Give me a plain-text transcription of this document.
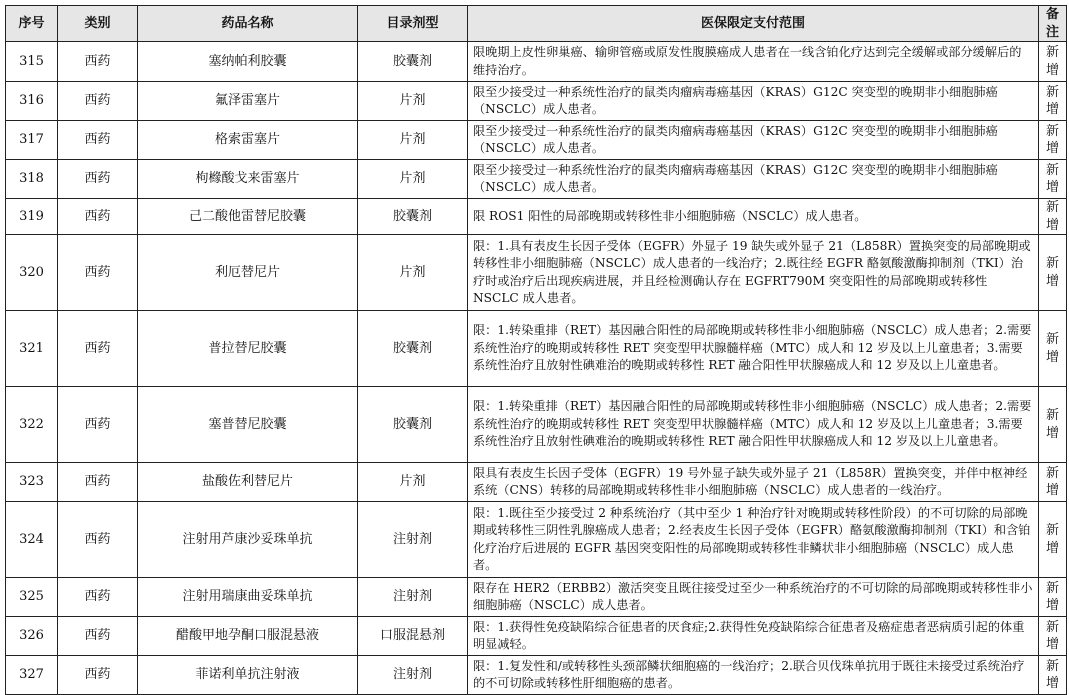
序号	类别	药品名称	目录剂型	医保限定支付范围	备注
315	西药	塞纳帕利胶囊	胶囊剂	限晚期上皮性卵巢癌、输卵管癌或原发性腹膜癌成人患者在一线含铂化疗达到完全缓解或部分缓解后的维持治疗。	新增
316	西药	氟泽雷塞片	片剂	限至少接受过一种系统性治疗的鼠类肉瘤病毒癌基因（KRAS）G12C 突变型的晚期非小细胞肺癌（NSCLC）成人患者。	新增
317	西药	格索雷塞片	片剂	限至少接受过一种系统性治疗的鼠类肉瘤病毒癌基因（KRAS）G12C 突变型的晚期非小细胞肺癌（NSCLC）成人患者。	新增
318	西药	枸橼酸戈来雷塞片	片剂	限至少接受过一种系统性治疗的鼠类肉瘤病毒癌基因（KRAS）G12C 突变型的晚期非小细胞肺癌（NSCLC）成人患者。	新增
319	西药	己二酸他雷替尼胶囊	胶囊剂	限 ROS1 阳性的局部晚期或转移性非小细胞肺癌（NSCLC）成人患者。	新增
320	西药	利厄替尼片	片剂	限：1.具有表皮生长因子受体（EGFR）外显子 19 缺失或外显子 21（L858R）置换突变的局部晚期或转移性非小细胞肺癌（NSCLC）成人患者的一线治疗；2.既往经 EGFR 酪氨酸激酶抑制剂（TKI）治疗时或治疗后出现疾病进展，并且经检测确认存在 EGFRT790M 突变阳性的局部晚期或转移性 NSCLC 成人患者。	新增
321	西药	普拉替尼胶囊	胶囊剂	限：1.转染重排（RET）基因融合阳性的局部晚期或转移性非小细胞肺癌（NSCLC）成人患者；2.需要系统性治疗的晚期或转移性 RET 突变型甲状腺髓样癌（MTC）成人和 12 岁及以上儿童患者；3.需要系统性治疗且放射性碘难治的晚期或转移性 RET 融合阳性甲状腺癌成人和 12 岁及以上儿童患者。	新增
322	西药	塞普替尼胶囊	胶囊剂	限：1.转染重排（RET）基因融合阳性的局部晚期或转移性非小细胞肺癌（NSCLC）成人患者；2.需要系统性治疗的晚期或转移性 RET 突变型甲状腺髓样癌（MTC）成人和 12 岁及以上儿童患者；3.需要系统性治疗且放射性碘难治的晚期或转移性 RET 融合阳性甲状腺癌成人和 12 岁及以上儿童患者。	新增
323	西药	盐酸佐利替尼片	片剂	限具有表皮生长因子受体（EGFR）19 号外显子缺失或外显子 21（L858R）置换突变，并伴中枢神经系统（CNS）转移的局部晚期或转移性非小细胞肺癌（NSCLC）成人患者的一线治疗。	新增
324	西药	注射用芦康沙妥珠单抗	注射剂	限：1.既往至少接受过 2 种系统治疗（其中至少 1 种治疗针对晚期或转移性阶段）的不可切除的局部晚期或转移性三阴性乳腺癌成人患者；2.经表皮生长因子受体（EGFR）酪氨酸激酶抑制剂（TKI）和含铂化疗治疗后进展的 EGFR 基因突变阳性的局部晚期或转移性非鳞状非小细胞肺癌（NSCLC）成人患者。	新增
325	西药	注射用瑞康曲妥珠单抗	注射剂	限存在 HER2（ERBB2）激活突变且既往接受过至少一种系统治疗的不可切除的局部晚期或转移性非小细胞肺癌（NSCLC）成人患者。	新增
326	西药	醋酸甲地孕酮口服混悬液	口服混悬剂	限：1.获得性免疫缺陷综合征患者的厌食症;2.获得性免疫缺陷综合征患者及癌症患者恶病质引起的体重明显减轻。	新增
327	西药	菲诺利单抗注射液	注射剂	限：1.复发性和/或转移性头颈部鳞状细胞癌的一线治疗；2.联合贝伐珠单抗用于既往未接受过系统治疗的不可切除或转移性肝细胞癌的患者。	新增
